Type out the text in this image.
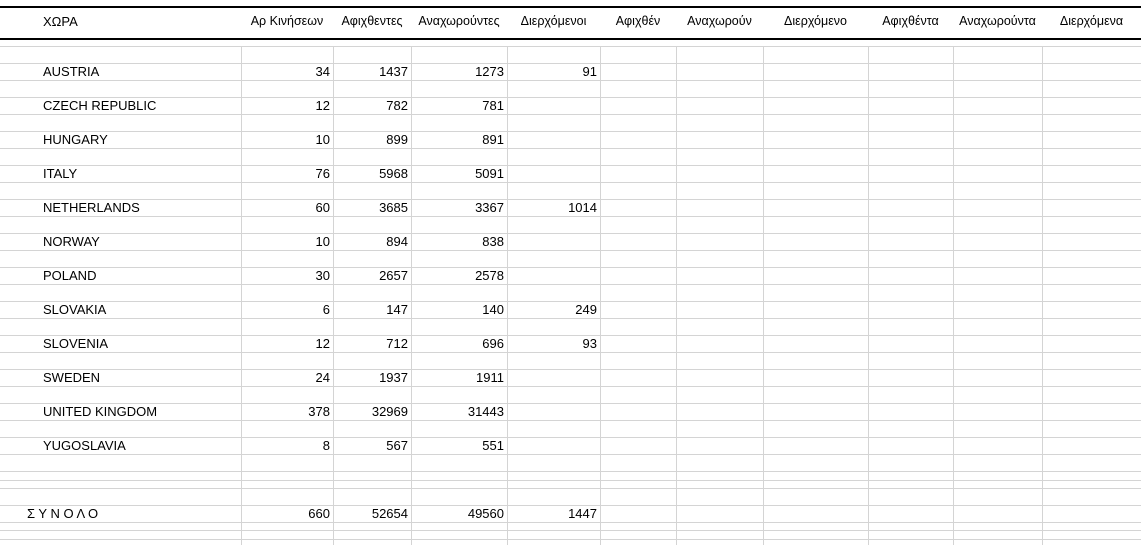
ΧΩΡΑ	Αρ Κινήσεων	Αφιχθεντες	Αναχωρούντες	Διερχόμενοι	Αφιχθέν	Αναχωρούν	Διερχόμενο	Αφιχθέντα	Αναχωρούντα	Διερχόμενα
AUSTRIA	34	1437	1273	91
CZECH REPUBLIC	12	782	781
HUNGARY	10	899	891
ITALY	76	5968	5091
NETHERLANDS	60	3685	3367	1014
NORWAY	10	894	838
POLAND	30	2657	2578
SLOVAKIA	6	147	140	249
SLOVENIA	12	712	696	93
SWEDEN	24	1937	1911
UNITED KINGDOM	378	32969	31443
YUGOSLAVIA	8	567	551
Σ Υ Ν Ο Λ Ο	660	52654	49560	1447
